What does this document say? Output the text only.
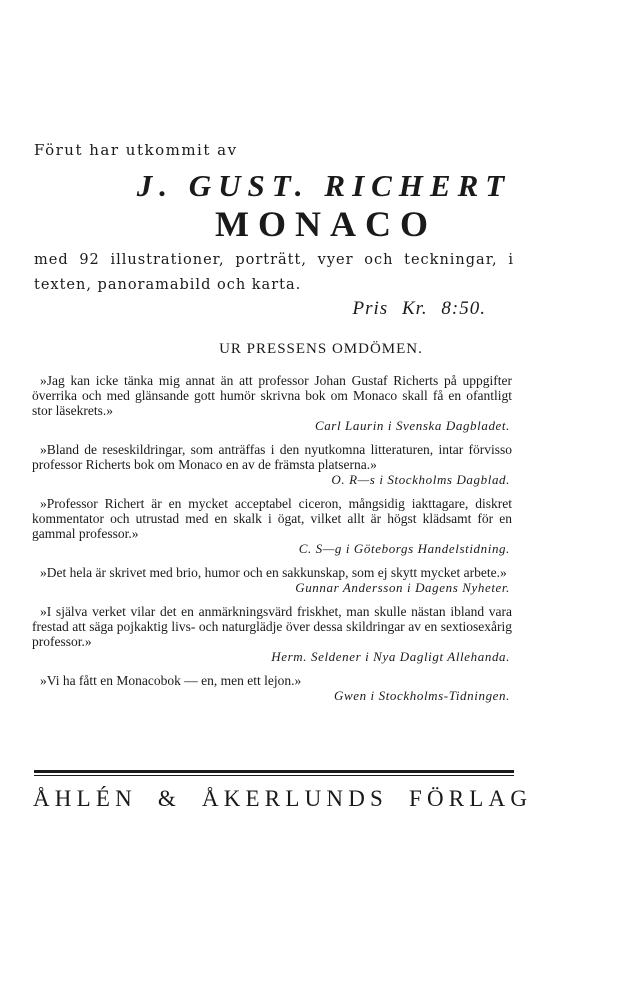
Förut har utkommit av
J. GUST. RICHERT
MONACO
med 92 illustrationer, porträtt, vyer och teckningar, i texten, panoramabild och karta.
Pris Kr. 8:50.
UR PRESSENS OMDÖMEN.
»Jag kan icke tänka mig annat än att professor Johan Gustaf Richerts på uppgifter överrika och med glänsande gott humör skrivna bok om Monaco skall få en ofantligt stor läsekrets.»
Carl Laurin i Svenska Dagbladet.
»Bland de reseskildringar, som anträffas i den nyutkomna litteraturen, intar förvisso professor Richerts bok om Monaco en av de främsta platserna.»
O. R—s i Stockholms Dagblad.
»Professor Richert är en mycket acceptabel ciceron, mångsidig iakttagare, diskret kommentator och utrustad med en skalk i ögat, vilket allt är högst klädsamt för en gammal professor.»
C. S—g i Göteborgs Handelstidning.
»Det hela är skrivet med brio, humor och en sakkunskap, som ej skytt mycket arbete.»
Gunnar Andersson i Dagens Nyheter.
»I själva verket vilar det en anmärkningsvärd friskhet, man skulle nästan ibland vara frestad att säga pojkaktig livs- och naturglädje över dessa skildringar av en sextiosexårig professor.»
Herm. Seldener i Nya Dagligt Allehanda.
»Vi ha fått en Monacobok — en, men ett lejon.»
Gwen i Stockholms-Tidningen.
ÅHLÉN & ÅKERLUNDS FÖRLAG
